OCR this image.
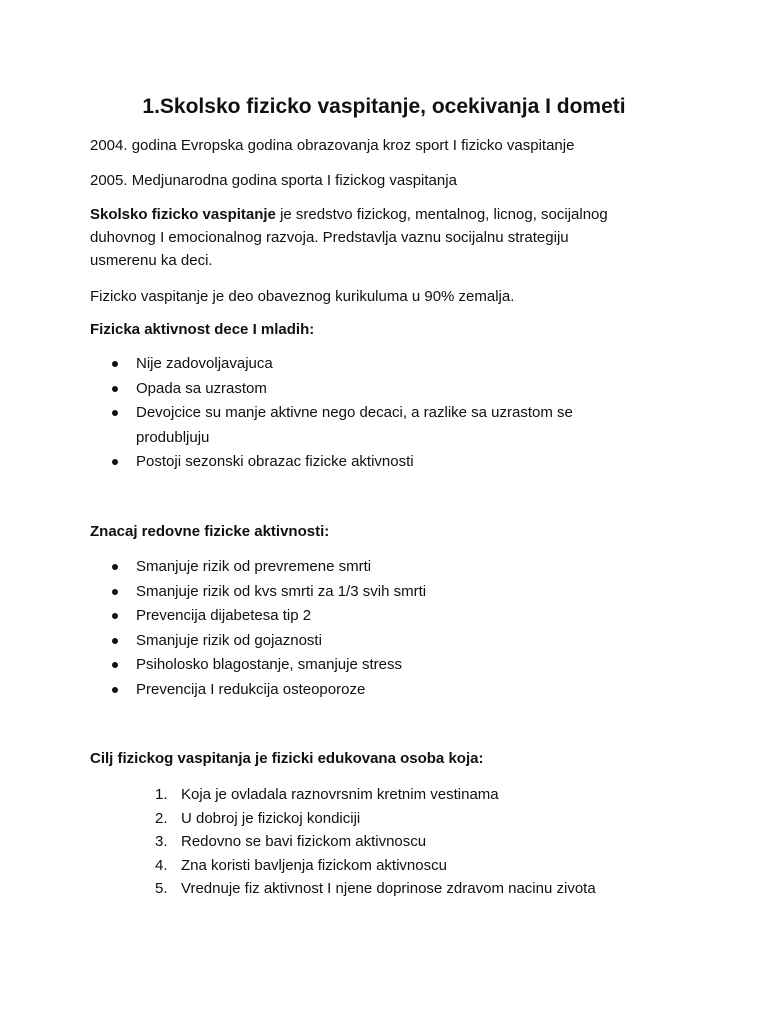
1.Skolsko fizicko vaspitanje, ocekivanja I dometi

2004. godina Evropska godina obrazovanja kroz sport I fizicko vaspitanje

2005. Medjunarodna godina sporta I fizickog vaspitanja

Skolsko fizicko vaspitanje je sredstvo fizickog, mentalnog, licnog, socijalnog
duhovnog I emocionalnog razvoja. Predstavlja vaznu socijalnu strategiju
usmerenu ka deci.

Fizicko vaspitanje je deo obaveznog kurikuluma u 90% zemalja.

Fizicka aktivnost dece I mladih:

Nije zadovoljavajuca
Opada sa uzrastom
Devojcice su manje aktivne nego decaci, a razlike sa uzrastom se
produbljuju
Postoji sezonski obrazac fizicke aktivnosti

Znacaj redovne fizicke aktivnosti:

Smanjuje rizik od prevremene smrti
Smanjuje rizik od kvs smrti za 1/3 svih smrti
Prevencija dijabetesa tip 2
Smanjuje rizik od gojaznosti
Psiholosko blagostanje, smanjuje stress
Prevencija I redukcija osteoporoze

Cilj fizickog vaspitanja je fizicki edukovana osoba koja:

1. Koja je ovladala raznovrsnim kretnim vestinama
2. U dobroj je fizickoj kondiciji
3. Redovno se bavi fizickom aktivnoscu
4. Zna koristi bavljenja fizickom aktivnoscu
5. Vrednuje fiz aktivnost I njene doprinose zdravom nacinu zivota
